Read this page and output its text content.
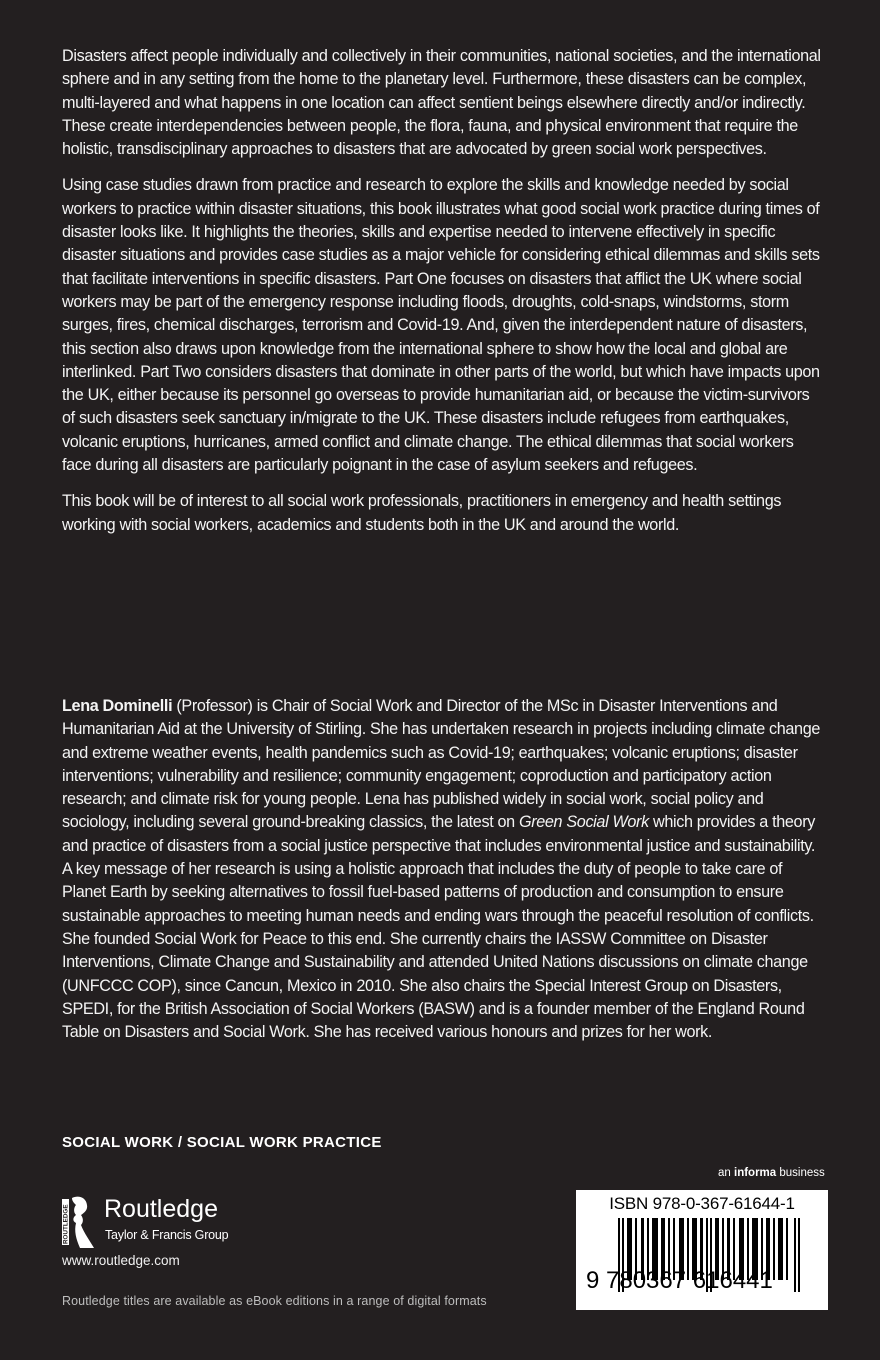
Disasters affect people individually and collectively in their communities, national societies, and the international sphere and in any setting from the home to the planetary level. Furthermore, these disasters can be complex, multi-layered and what happens in one location can affect sentient beings elsewhere directly and/or indirectly. These create interdependencies between people, the flora, fauna, and physical environment that require the holistic, transdisciplinary approaches to disasters that are advocated by green social work perspectives.

Using case studies drawn from practice and research to explore the skills and knowledge needed by social workers to practice within disaster situations, this book illustrates what good social work practice during times of disaster looks like. It highlights the theories, skills and expertise needed to intervene effectively in specific disaster situations and provides case studies as a major vehicle for considering ethical dilemmas and skills sets that facilitate interventions in specific disasters. Part One focuses on disasters that afflict the UK where social workers may be part of the emergency response including floods, droughts, cold-snaps, windstorms, storm surges, fires, chemical discharges, terrorism and Covid-19. And, given the interdependent nature of disasters, this section also draws upon knowledge from the international sphere to show how the local and global are interlinked. Part Two considers disasters that dominate in other parts of the world, but which have impacts upon the UK, either because its personnel go overseas to provide humanitarian aid, or because the victim-survivors of such disasters seek sanctuary in/migrate to the UK. These disasters include refugees from earthquakes, volcanic eruptions, hurricanes, armed conflict and climate change. The ethical dilemmas that social workers face during all disasters are particularly poignant in the case of asylum seekers and refugees.

This book will be of interest to all social work professionals, practitioners in emergency and health settings working with social workers, academics and students both in the UK and around the world.

Lena Dominelli (Professor) is Chair of Social Work and Director of the MSc in Disaster Interventions and Humanitarian Aid at the University of Stirling. She has undertaken research in projects including climate change and extreme weather events, health pandemics such as Covid-19; earthquakes; volcanic eruptions; disaster interventions; vulnerability and resilience; community engagement; coproduction and participatory action research; and climate risk for young people. Lena has published widely in social work, social policy and sociology, including several ground-breaking classics, the latest on Green Social Work which provides a theory and practice of disasters from a social justice perspective that includes environmental justice and sustainability. A key message of her research is using a holistic approach that includes the duty of people to take care of Planet Earth by seeking alternatives to fossil fuel-based patterns of production and consumption to ensure sustainable approaches to meeting human needs and ending wars through the peaceful resolution of conflicts. She founded Social Work for Peace to this end. She currently chairs the IASSW Committee on Disaster Interventions, Climate Change and Sustainability and attended United Nations discussions on climate change (UNFCCC COP), since Cancun, Mexico in 2010. She also chairs the Special Interest Group on Disasters, SPEDI, for the British Association of Social Workers (BASW) and is a founder member of the England Round Table on Disasters and Social Work. She has received various honours and prizes for her work.

SOCIAL WORK / SOCIAL WORK PRACTICE
ROUTLEDGE Routledge
Taylor & Francis Group
www.routledge.com
Routledge titles are available as eBook editions in a range of digital formats
an informa business
ISBN 978-0-367-61644-1
9 780367 616441
